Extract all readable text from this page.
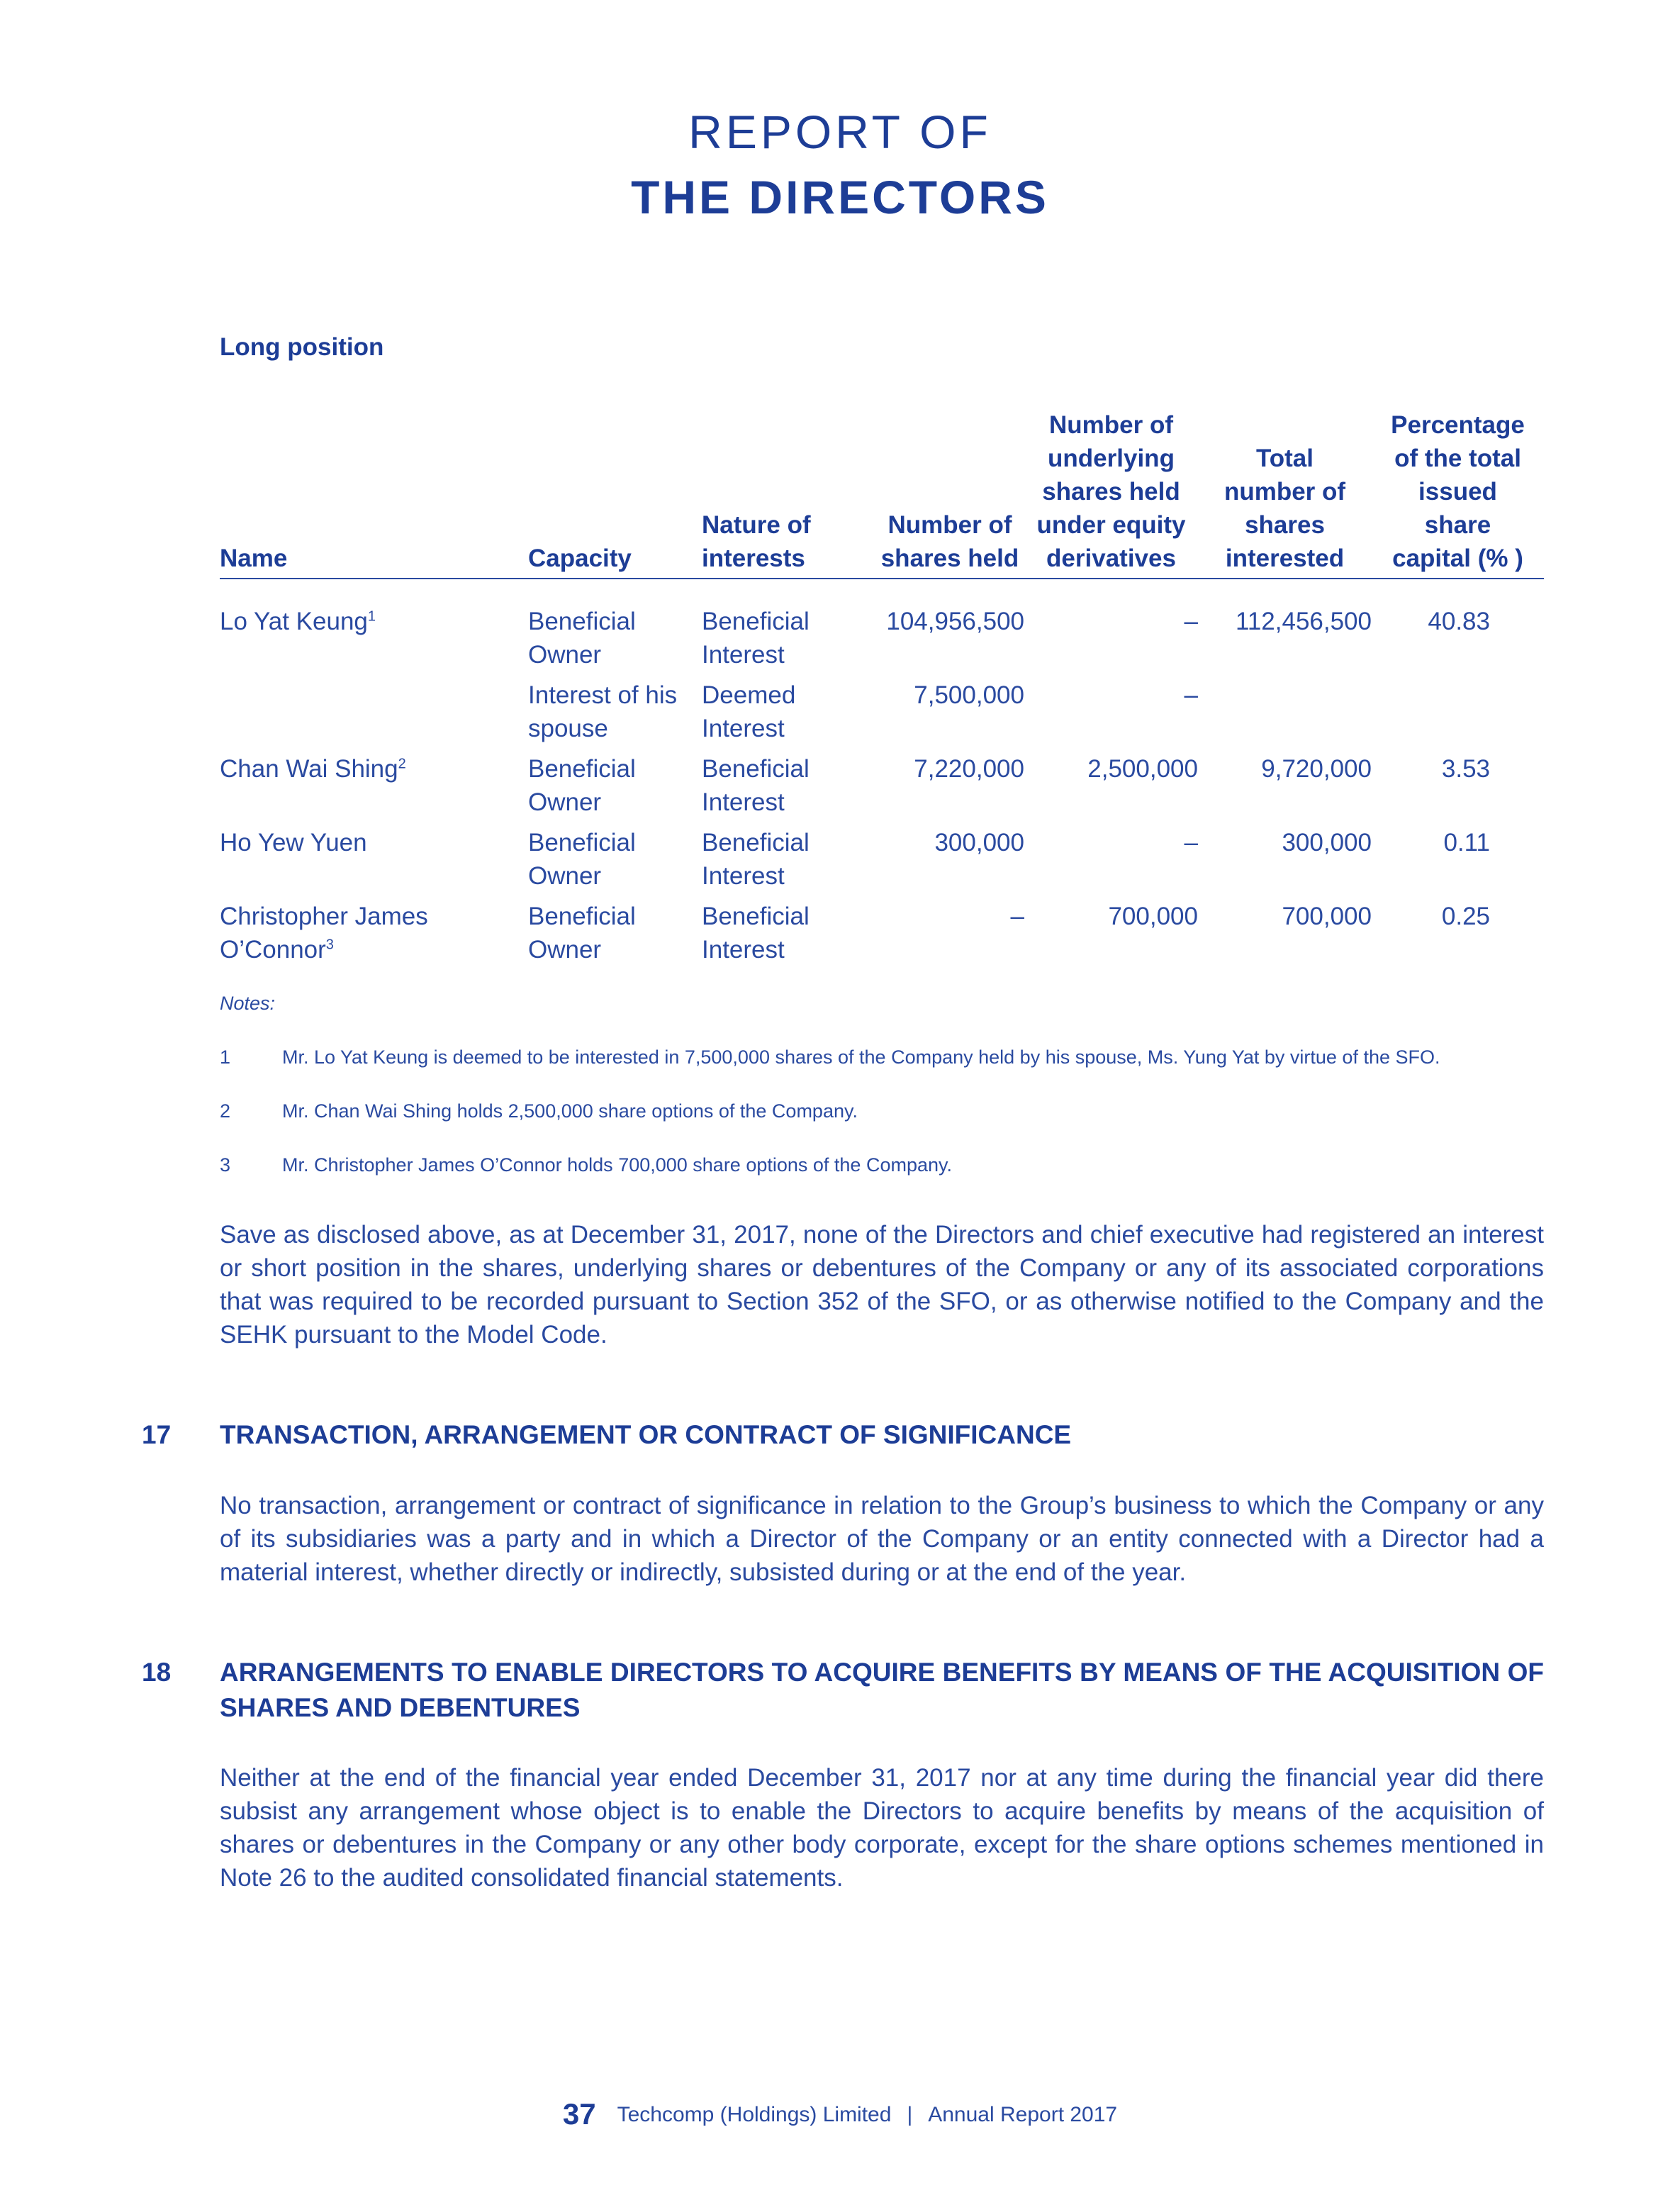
REPORT OF
THE DIRECTORS
Long position
Name	Capacity	Nature of interests	Number of shares held	Number of underlying shares held under equity derivatives	Total number of shares interested	Percentage of the total issued share capital (% )
Lo Yat Keung$^1$	Beneficial Owner	Beneficial Interest	104,956,500	–	112,456,500	40.83
	Interest of his spouse	Deemed Interest	7,500,000	–		
Chan Wai Shing$^2$	Beneficial Owner	Beneficial Interest	7,220,000	2,500,000	9,720,000	3.53
Ho Yew Yuen	Beneficial Owner	Beneficial Interest	300,000	–	300,000	0.11
Christopher James O’Connor$^3$	Beneficial Owner	Beneficial Interest	–	700,000	700,000	0.25
Notes:
1	Mr. Lo Yat Keung is deemed to be interested in 7,500,000 shares of the Company held by his spouse, Ms. Yung Yat by virtue of the SFO.
2	Mr. Chan Wai Shing holds 2,500,000 share options of the Company.
3	Mr. Christopher James O’Connor holds 700,000 share options of the Company.

Save as disclosed above, as at December 31, 2017, none of the Directors and chief executive had registered an interest or short position in the shares, underlying shares or debentures of the Company or any of its associated corporations that was required to be recorded pursuant to Section 352 of the SFO, or as otherwise notified to the Company and the SEHK pursuant to the Model Code.

17 TRANSACTION, ARRANGEMENT OR CONTRACT OF SIGNIFICANCE

No transaction, arrangement or contract of significance in relation to the Group’s business to which the Company or any of its subsidiaries was a party and in which a Director of the Company or an entity connected with a Director had a material interest, whether directly or indirectly, subsisted during or at the end of the year.

18 ARRANGEMENTS TO ENABLE DIRECTORS TO ACQUIRE BENEFITS BY MEANS OF THE ACQUISITION OF SHARES AND DEBENTURES

Neither at the end of the financial year ended December 31, 2017 nor at any time during the financial year did there subsist any arrangement whose object is to enable the Directors to acquire benefits by means of the acquisition of shares or debentures in the Company or any other body corporate, except for the share options schemes mentioned in Note 26 to the audited consolidated financial statements.

37 Techcomp (Holdings) Limited | Annual Report 2017
